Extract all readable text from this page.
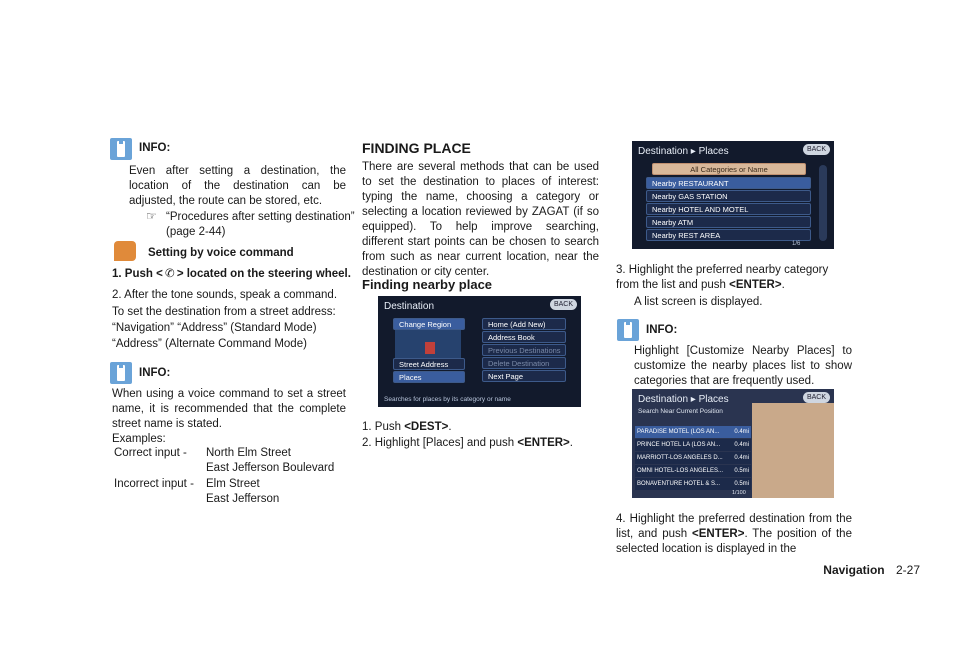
INFO:
Even after setting a destination, the location of the destination can be adjusted, the route can be stored, etc.
☞ “Procedures after setting destination”
(page 2-44)
Setting by voice command
1. Push < ✆ > located on the steering wheel.
2. After the tone sounds, speak a command.
To set the destination from a street address:
“Navigation” “Address” (Standard Mode)
“Address” (Alternate Command Mode)
INFO:
When using a voice command to set a street name, it is recommended that the complete street name is stated.
Examples:
Correct input - North Elm Street
East Jefferson Boulevard
Incorrect input - Elm Street
East Jefferson
FINDING PLACE
There are several methods that can be used to set the destination to places of interest: typing the name, choosing a category or selecting a location reviewed by ZAGAT (if so equipped). To help improve searching, different start points can be chosen to search from such as near current location, near the destination or city center.
Finding nearby place
Destination	BACK
Change Region
Street Address
Places
Home (Add New)
Address Book
Previous Destinations
Delete Destination
Next Page
Searches for places by its category or name
1. Push <DEST>.
2. Highlight [Places] and push <ENTER>.
Destination ▸ Places	BACK
All Categories or Name
Nearby RESTAURANT
Nearby GAS STATION
Nearby HOTEL AND MOTEL
Nearby ATM
Nearby REST AREA
1/6
3. Highlight the preferred nearby category from the list and push <ENTER>.
A list screen is displayed.
INFO:
Highlight [Customize Nearby Places] to customize the nearby places list to show categories that are frequently used.
Destination ▸ Places	BACK
Search Near Current Position
PARADISE MOTEL (LOS AN... 0.4mi
PRINCE HOTEL LA (LOS AN... 0.4mi
MARRIOTT-LOS ANGELES D... 0.4mi
OMNI HOTEL-LOS ANGELES... 0.5mi
BONAVENTURE HOTEL & S... 0.5mi
1/100
4. Highlight the preferred destination from the list, and push <ENTER>. The position of the selected location is displayed in the
Navigation 2-27
